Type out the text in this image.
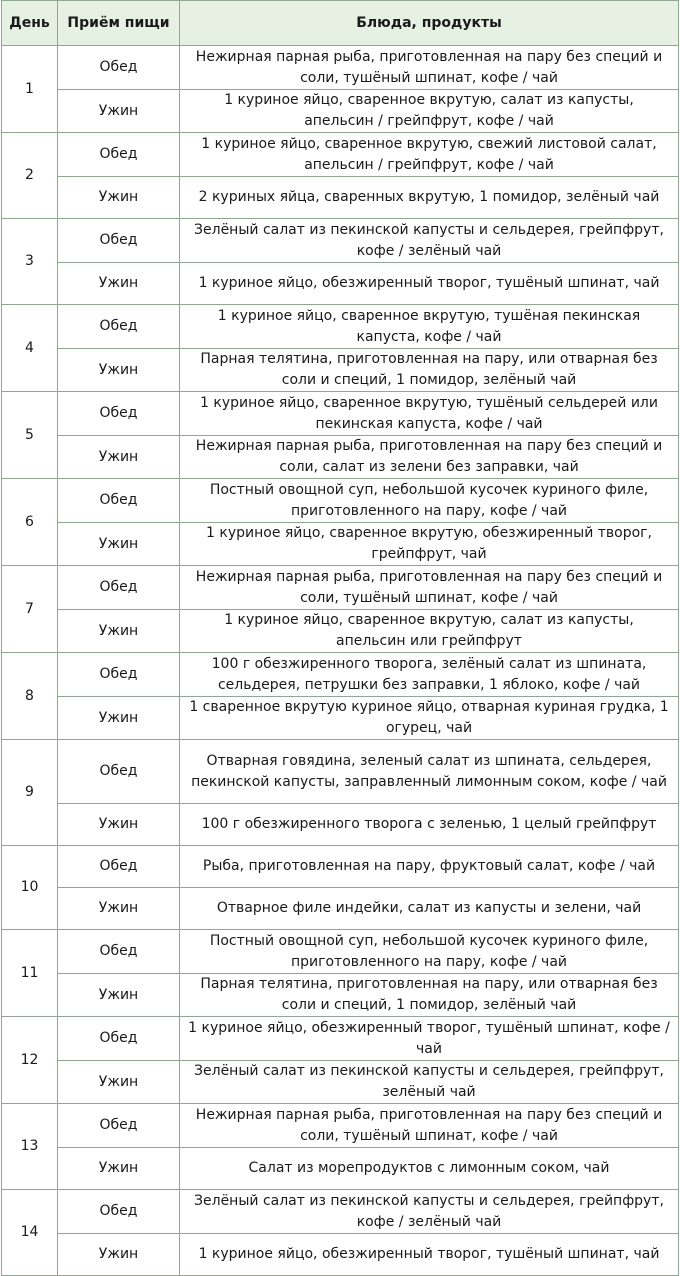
День	Приём пищи	Блюда, продукты
1	Обед	Нежирная парная рыба, приготовленная на пару без специй и соли, тушёный шпинат, кофе / чай
	Ужин	1 куриное яйцо, сваренное вкрутую, салат из капусты, апельсин / грейпфрут, кофе / чай
2	Обед	1 куриное яйцо, сваренное вкрутую, свежий листовой салат, апельсин / грейпфрут, кофе / чай
	Ужин	2 куриных яйца, сваренных вкрутую, 1 помидор, зелёный чай
3	Обед	Зелёный салат из пекинской капусты и сельдерея, грейпфрут, кофе / зелёный чай
	Ужин	1 куриное яйцо, обезжиренный творог, тушёный шпинат, чай
4	Обед	1 куриное яйцо, сваренное вкрутую, тушёная пекинская капуста, кофе / чай
	Ужин	Парная телятина, приготовленная на пару, или отварная без соли и специй, 1 помидор, зелёный чай
5	Обед	1 куриное яйцо, сваренное вкрутую, тушёный сельдерей или пекинская капуста, кофе / чай
	Ужин	Нежирная парная рыба, приготовленная на пару без специй и соли, салат из зелени без заправки, чай
6	Обед	Постный овощной суп, небольшой кусочек куриного филе, приготовленного на пару, кофе / чай
	Ужин	1 куриное яйцо, сваренное вкрутую, обезжиренный творог, грейпфрут, чай
7	Обед	Нежирная парная рыба, приготовленная на пару без специй и соли, тушёный шпинат, кофе / чай
	Ужин	1 куриное яйцо, сваренное вкрутую, салат из капусты, апельсин или грейпфрут
8	Обед	100 г обезжиренного творога, зелёный салат из шпината, сельдерея, петрушки без заправки, 1 яблоко, кофе / чай
	Ужин	1 сваренное вкрутую куриное яйцо, отварная куриная грудка, 1 огурец, чай
9	Обед	Отварная говядина, зеленый салат из шпината, сельдерея, пекинской капусты, заправленный лимонным соком, кофе / чай
	Ужин	100 г обезжиренного творога с зеленью, 1 целый грейпфрут
10	Обед	Рыба, приготовленная на пару, фруктовый салат, кофе / чай
	Ужин	Отварное филе индейки, салат из капусты и зелени, чай
11	Обед	Постный овощной суп, небольшой кусочек куриного филе, приготовленного на пару, кофе / чай
	Ужин	Парная телятина, приготовленная на пару, или отварная без соли и специй, 1 помидор, зелёный чай
12	Обед	1 куриное яйцо, обезжиренный творог, тушёный шпинат, кофе / чай
	Ужин	Зелёный салат из пекинской капусты и сельдерея, грейпфрут, зелёный чай
13	Обед	Нежирная парная рыба, приготовленная на пару без специй и соли, тушёный шпинат, кофе / чай
	Ужин	Салат из морепродуктов с лимонным соком, чай
14	Обед	Зелёный салат из пекинской капусты и сельдерея, грейпфрут, кофе / зелёный чай
	Ужин	1 куриное яйцо, обезжиренный творог, тушёный шпинат, чай
